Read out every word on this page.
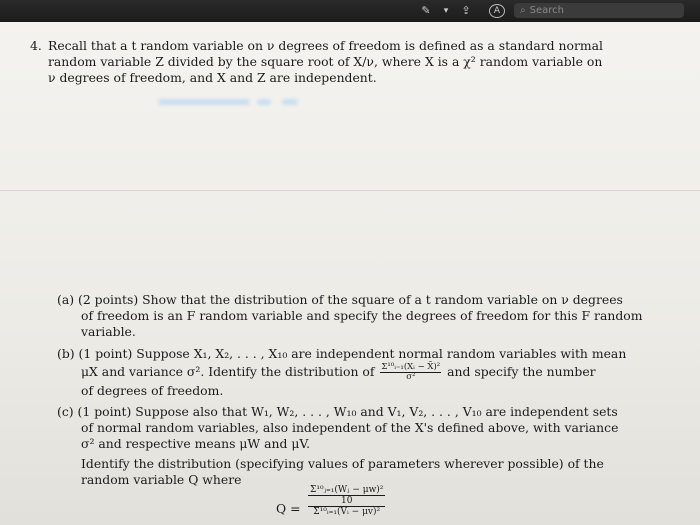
✎	▾	⇪	A	⌕ Search
4. Recall that a t random variable on ν degrees of freedom is defined as a standard normal
random variable Z divided by the square root of X/ν, where X is a χ² random variable on
ν degrees of freedom, and X and Z are independent.
(a) (2 points) Show that the distribution of the square of a t random variable on ν degrees
of freedom is an F random variable and specify the degrees of freedom for this F random
variable.
(b) (1 point) Suppose X₁, X₂, . . . , X₁₀ are independent normal random variables with mean
μX and variance σ². Identify the distribution of $\frac{\text{Σ¹⁰ᵢ₌₁(Xᵢ − X̄)²}}{\text{σ²}}$ and specify the number
of degrees of freedom.
(c) (1 point) Suppose also that W₁, W₂, . . . , W₁₀ and V₁, V₂, . . . , V₁₀ are independent sets
of normal random variables, also independent of the X's defined above, with variance
σ² and respective means μW and μV.
Identify the distribution (specifying values of parameters wherever possible) of the
random variable Q where
Q =
Σ¹⁰ⱼ₌₁(Wⱼ − μw)²
10
Σ¹⁰ᵢ₌₁(Vᵢ − μv)²
